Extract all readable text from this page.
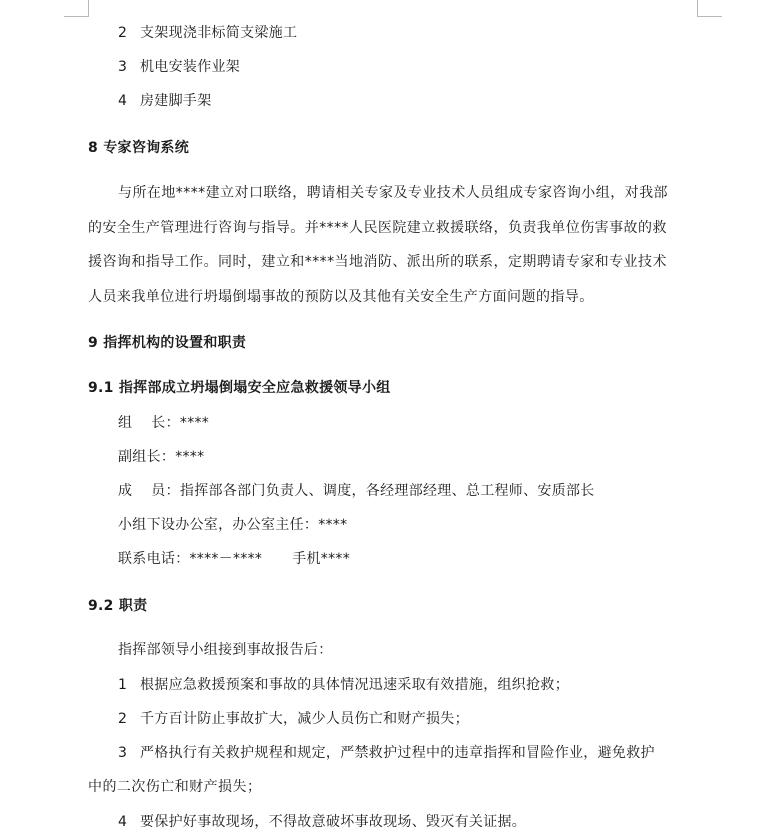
2 支架现浇非标简支梁施工
3 机电安装作业架
4 房建脚手架
8 专家咨询系统
与所在地****建立对口联络，聘请相关专家及专业技术人员组成专家咨询小组，对我部
的安全生产管理进行咨询与指导。并****人民医院建立救援联络，负责我单位伤害事故的救
援咨询和指导工作。同时，建立和****当地消防、派出所的联系，定期聘请专家和专业技术
人员来我单位进行坍塌倒塌事故的预防以及其他有关安全生产方面问题的指导。
9 指挥机构的设置和职责
9.1 指挥部成立坍塌倒塌安全应急救援领导小组
组    长：****
副组长：****
成    员：指挥部各部门负责人、调度，各经理部经理、总工程师、安质部长
小组下设办公室，办公室主任：****
联系电话：****－**** 手机****
9.2 职责
指挥部领导小组接到事故报告后：
1 根据应急救援预案和事故的具体情况迅速采取有效措施，组织抢救；
2 千方百计防止事故扩大，减少人员伤亡和财产损失；
3 严格执行有关救护规程和规定，严禁救护过程中的违章指挥和冒险作业，避免救护
中的二次伤亡和财产损失；
4 要保护好事故现场，不得故意破坏事故现场、毁灭有关证据。
